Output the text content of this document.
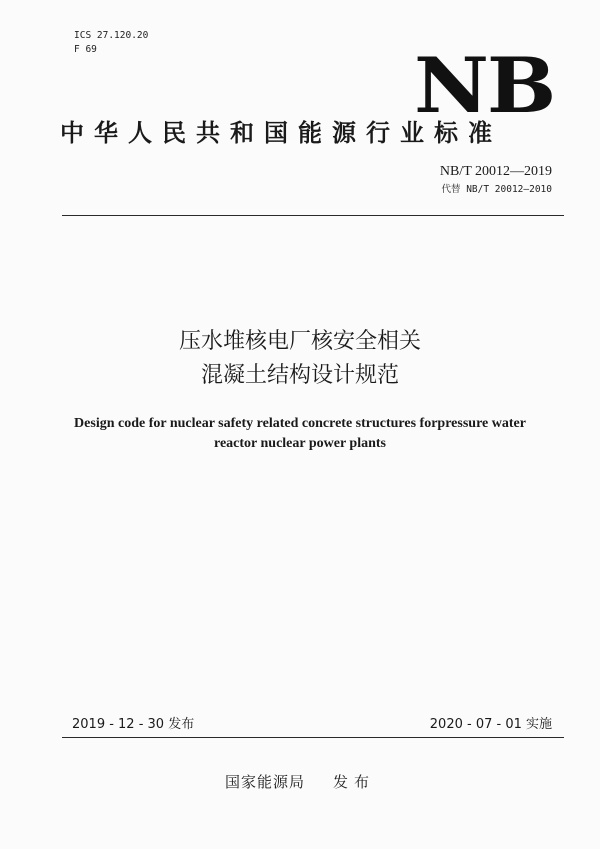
ICS 27.120.20
F 69	NB
中华人民共和国能源行业标准
NB/T 20012—2019
代替 NB/T 20012—2010
压水堆核电厂核安全相关
混凝土结构设计规范
Design code for nuclear safety related concrete structures forpressure water
reactor nuclear power plants
2019 - 12 - 30 发布	2020 - 07 - 01 实施
国家能源局 发布
